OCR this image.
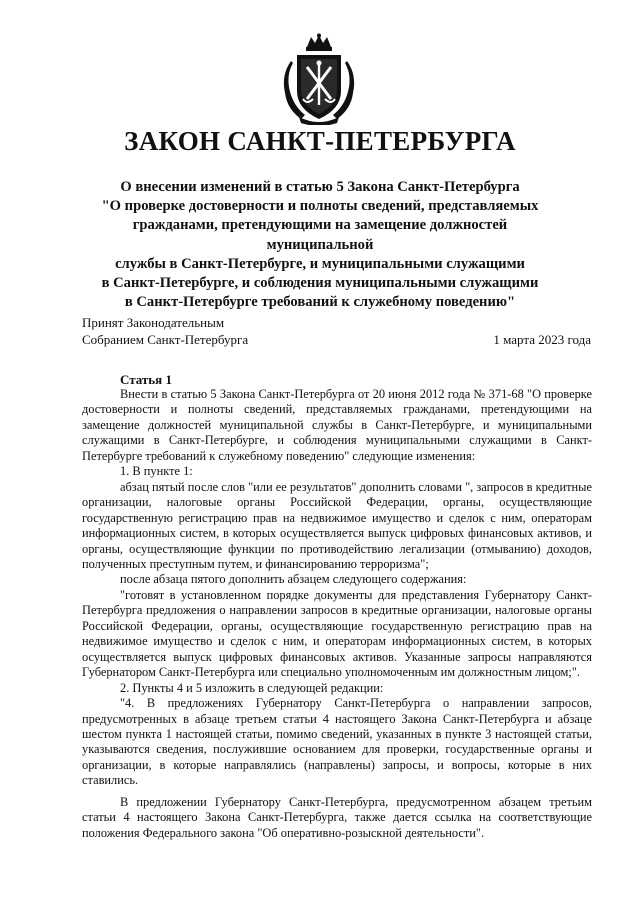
ЗАКОН САНКТ-ПЕТЕРБУРГА
О внесении изменений в статью 5 Закона Санкт-Петербурга
"О проверке достоверности и полноты сведений, представляемых
гражданами, претендующими на замещение должностей муниципальной
службы в Санкт-Петербурге, и муниципальными служащими
в Санкт-Петербурге, и соблюдения муниципальными служащими
в Санкт-Петербурге требований к служебному поведению"
Принят Законодательным
Собранием Санкт-Петербурга	1 марта 2023 года
Статья 1

Внести в статью 5 Закона Санкт-Петербурга от 20 июня 2012 года № 371-68 "О проверке достоверности и полноты сведений, представляемых гражданами, претендующими на замещение должностей муниципальной службы в Санкт-Петербурге, и муниципальными служащими в Санкт-Петербурге, и соблюдения муниципальными служащими в Санкт-Петербурге требований к служебному поведению" следующие изменения:

1. В пункте 1:

абзац пятый после слов "или ее результатов" дополнить словами ", запросов в кредитные организации, налоговые органы Российской Федерации, органы, осуществляющие государственную регистрацию прав на недвижимое имущество и сделок с ним, операторам информационных систем, в которых осуществляется выпуск цифровых финансовых активов, и органы, осуществляющие функции по противодействию легализации (отмыванию) доходов, полученных преступным путем, и финансированию терроризма";

после абзаца пятого дополнить абзацем следующего содержания:

"готовят в установленном порядке документы для представления Губернатору Санкт-Петербурга предложения о направлении запросов в кредитные организации, налоговые органы Российской Федерации, органы, осуществляющие государственную регистрацию прав на недвижимое имущество и сделок с ним, и операторам информационных систем, в которых осуществляется выпуск цифровых финансовых активов. Указанные запросы направляются Губернатором Санкт-Петербурга или специально уполномоченным им должностным лицом;".

2. Пункты 4 и 5 изложить в следующей редакции:

"4. В предложениях Губернатору Санкт-Петербурга о направлении запросов, предусмотренных в абзаце третьем статьи 4 настоящего Закона Санкт-Петербурга и абзаце шестом пункта 1 настоящей статьи, помимо сведений, указанных в пункте 3 настоящей статьи, указываются сведения, послужившие основанием для проверки, государственные органы и организации, в которые направлялись (направлены) запросы, и вопросы, которые в них ставились.

В предложении Губернатору Санкт-Петербурга, предусмотренном абзацем третьим статьи 4 настоящего Закона Санкт-Петербурга, также дается ссылка на соответствующие положения Федерального закона "Об оперативно-розыскной деятельности".
